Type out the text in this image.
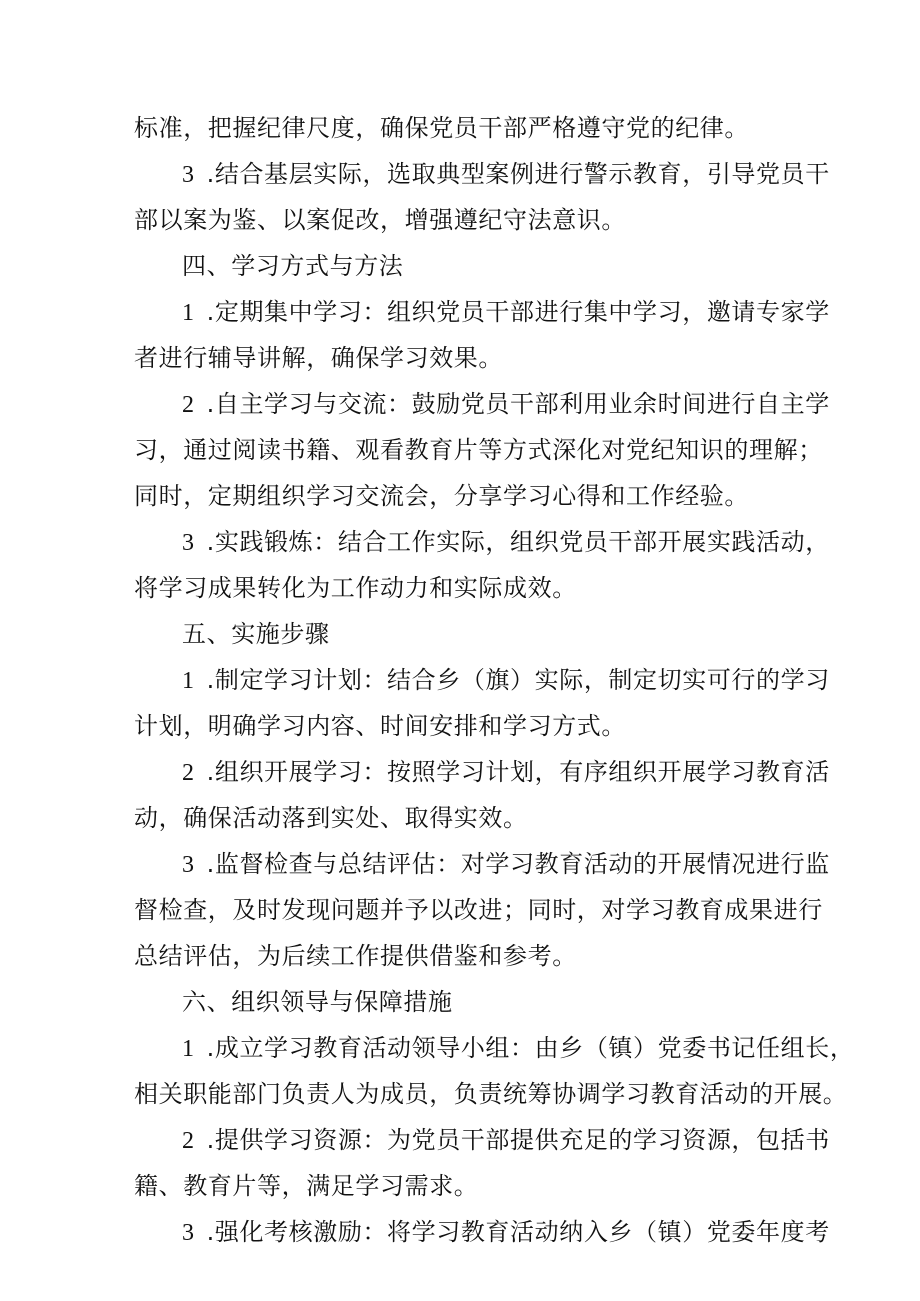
标准，把握纪律尺度，确保党员干部严格遵守党的纪律。
3 .结合基层实际，选取典型案例进行警示教育，引导党员干
部以案为鉴、以案促改，增强遵纪守法意识。
四、学习方式与方法
1 .定期集中学习：组织党员干部进行集中学习，邀请专家学
者进行辅导讲解，确保学习效果。
2 .自主学习与交流：鼓励党员干部利用业余时间进行自主学
习，通过阅读书籍、观看教育片等方式深化对党纪知识的理解；
同时，定期组织学习交流会，分享学习心得和工作经验。
3 .实践锻炼：结合工作实际，组织党员干部开展实践活动，
将学习成果转化为工作动力和实际成效。
五、实施步骤
1 .制定学习计划：结合乡（旗）实际，制定切实可行的学习
计划，明确学习内容、时间安排和学习方式。
2 .组织开展学习：按照学习计划，有序组织开展学习教育活
动，确保活动落到实处、取得实效。
3 .监督检查与总结评估：对学习教育活动的开展情况进行监
督检查，及时发现问题并予以改进；同时，对学习教育成果进行
总结评估，为后续工作提供借鉴和参考。
六、组织领导与保障措施
1 .成立学习教育活动领导小组：由乡（镇）党委书记任组长，
相关职能部门负责人为成员，负责统筹协调学习教育活动的开展。
2 .提供学习资源：为党员干部提供充足的学习资源，包括书
籍、教育片等，满足学习需求。
3 .强化考核激励：将学习教育活动纳入乡（镇）党委年度考
